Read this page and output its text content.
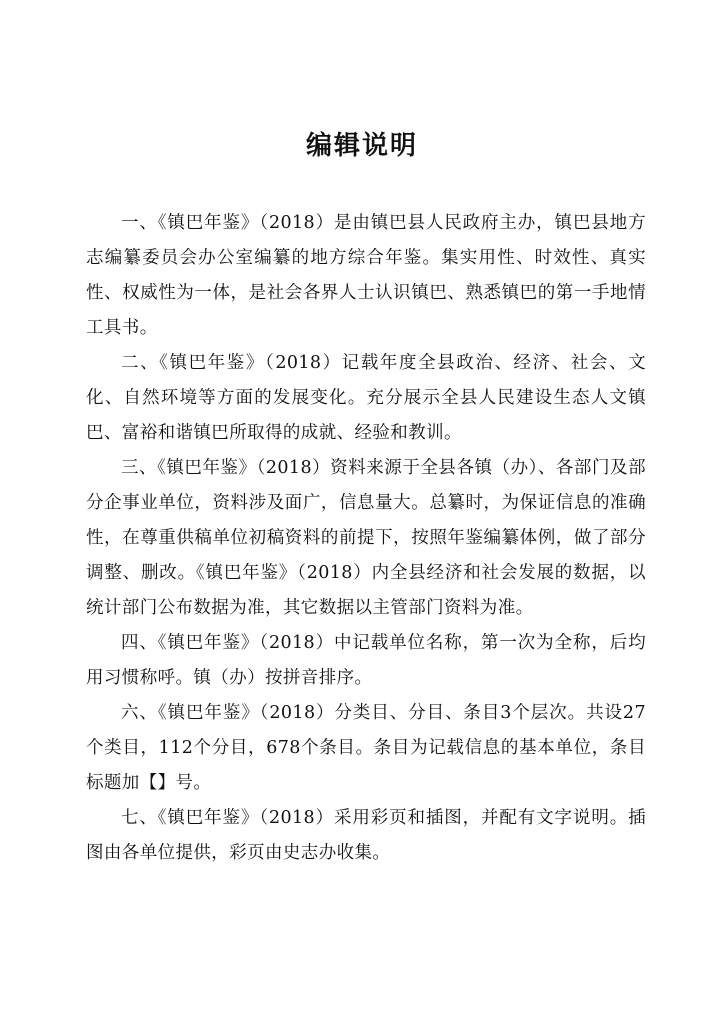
编辑说明

一、《镇巴年鉴》（2018）是由镇巴县人民政府主办，镇巴县地方志编纂委员会办公室编纂的地方综合年鉴。集实用性、时效性、真实性、权威性为一体，是社会各界人士认识镇巴、熟悉镇巴的第一手地情工具书。

二、《镇巴年鉴》（2018）记载年度全县政治、经济、社会、文化、自然环境等方面的发展变化。充分展示全县人民建设生态人文镇巴、富裕和谐镇巴所取得的成就、经验和教训。

三、《镇巴年鉴》（2018）资料来源于全县各镇（办）、各部门及部分企事业单位，资料涉及面广，信息量大。总纂时，为保证信息的准确性，在尊重供稿单位初稿资料的前提下，按照年鉴编纂体例，做了部分调整、删改。《镇巴年鉴》（2018）内全县经济和社会发展的数据，以统计部门公布数据为准，其它数据以主管部门资料为准。

四、《镇巴年鉴》（2018）中记载单位名称，第一次为全称，后均用习惯称呼。镇（办）按拼音排序。

六、《镇巴年鉴》（2018）分类目、分目、条目3个层次。共设27个类目，112个分目，678个条目。条目为记载信息的基本单位，条目标题加【】号。

七、《镇巴年鉴》（2018）采用彩页和插图，并配有文字说明。插图由各单位提供，彩页由史志办收集。
